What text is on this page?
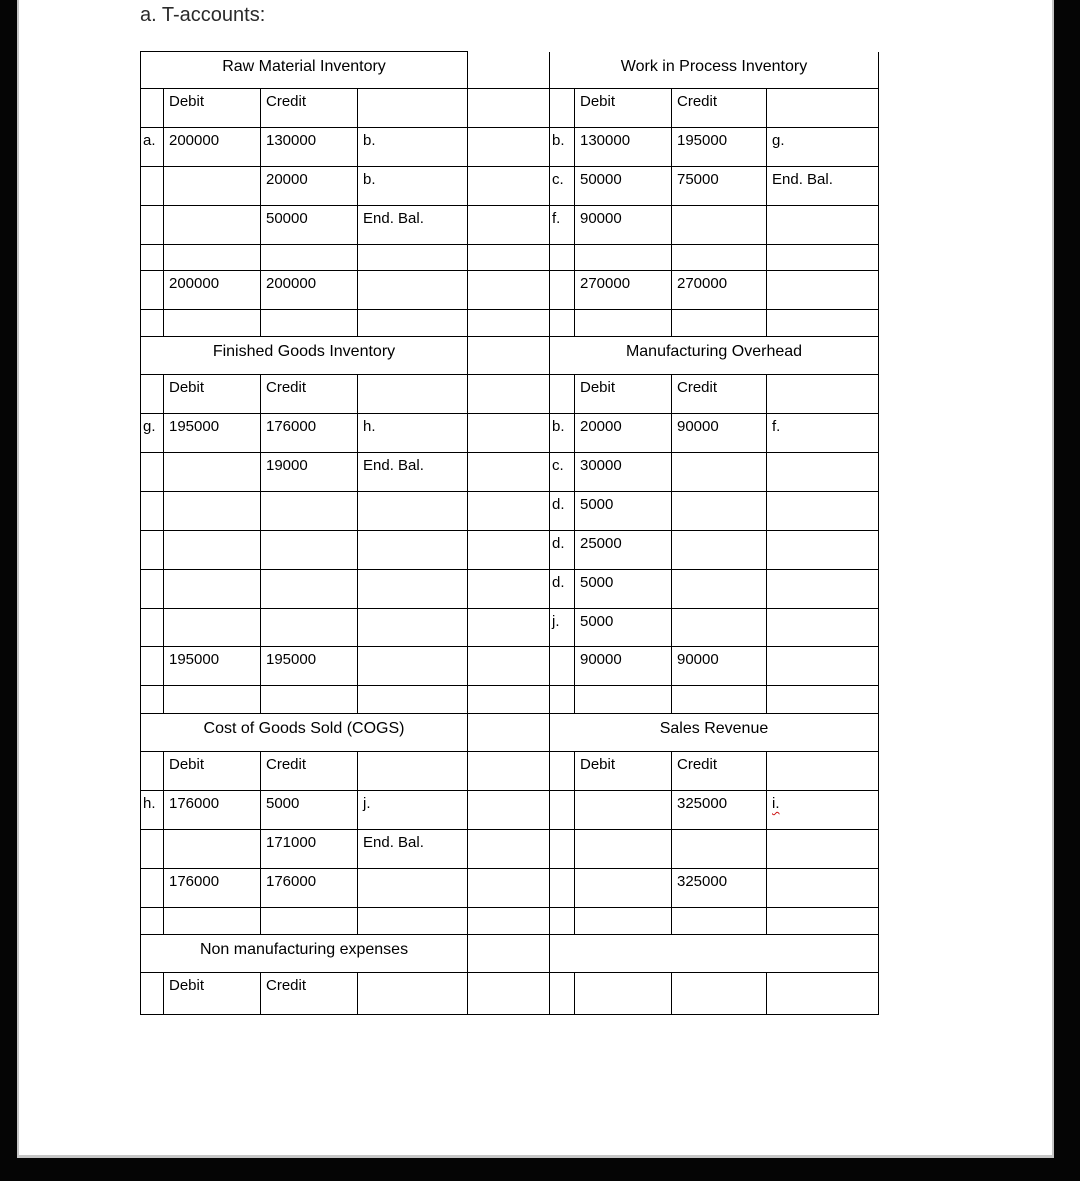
a. T-accounts:
Raw Material Inventory					Work in Process Inventory			
	Debit	Credit				Debit	Credit	
a.	200000	130000	b.		b.	130000	195000	g.
		20000	b.		c.	50000	75000	End. Bal.
		50000	End. Bal.		f.	90000		

	200000	200000				270000	270000	

Finished Goods Inventory					Manufacturing Overhead			
	Debit	Credit				Debit	Credit	
g.	195000	176000	h.		b.	20000	90000	f.
		19000	End. Bal.		c.	30000		
					d.	5000		
					d.	25000		
					d.	5000		
					j.	5000		
	195000	195000				90000	90000	

Cost of Goods Sold (COGS)					Sales Revenue			
	Debit	Credit				Debit	Credit	
h.	176000	5000	j.				325000	i.
		171000	End. Bal.					
	176000	176000					325000	

Non manufacturing expenses								
	Debit	Credit						
